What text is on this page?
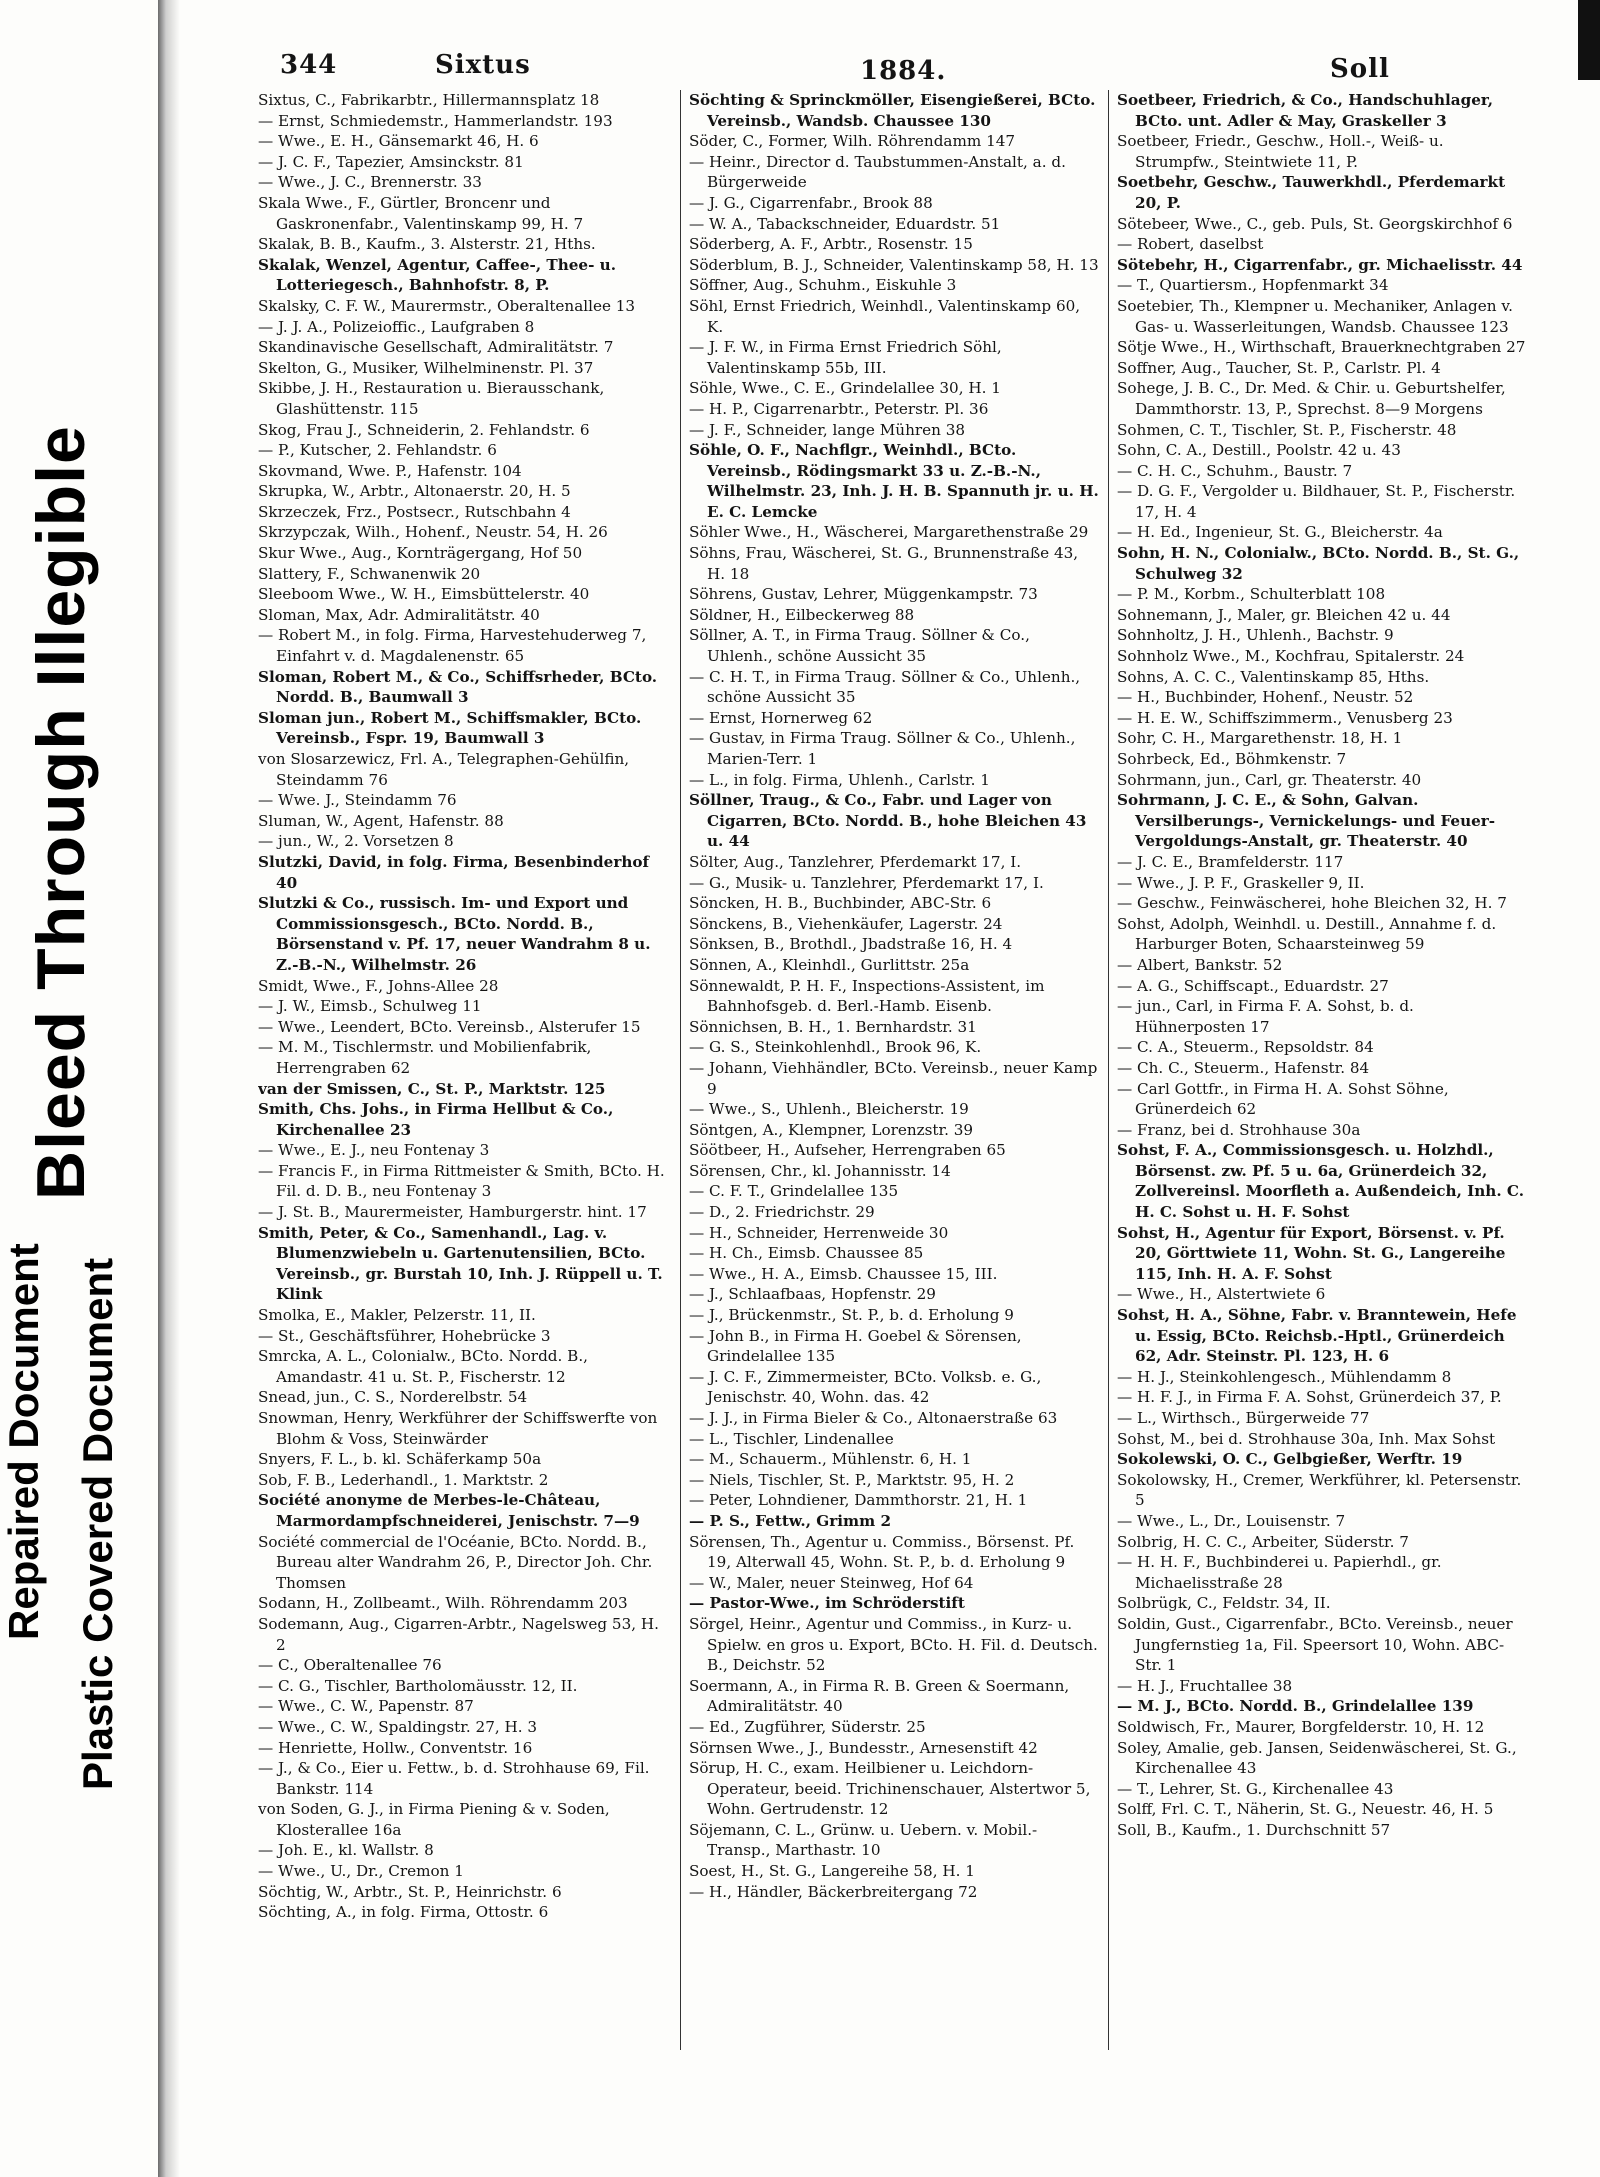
Bleed Through Illegible
Plastic Covered Document
Repaired Document
344	Sixtus	1884.	Soll

Sixtus, C., Fabrikarbtr., Hillermannsplatz 18

— Ernst, Schmiedemstr., Hammerlandstr. 193

— Wwe., E. H., Gänsemarkt 46, H. 6

— J. C. F., Tapezier, Amsinckstr. 81

— Wwe., J. C., Brennerstr. 33

Skala Wwe., F., Gürtler, Broncenr und Gaskronenfabr., Valentinskamp 99, H. 7

Skalak, B. B., Kaufm., 3. Alsterstr. 21, Hths.

Skalak, Wenzel, Agentur, Caffee-, Thee- u. Lotteriegesch., Bahnhofstr. 8, P.

Skalsky, C. F. W., Maurermstr., Oberaltenallee 13

— J. J. A., Polizeioffic., Laufgraben 8

Skandinavische Gesellschaft, Admiralitätstr. 7

Skelton, G., Musiker, Wilhelminenstr. Pl. 37

Skibbe, J. H., Restauration u. Bierausschank, Glashüttenstr. 115

Skog, Frau J., Schneiderin, 2. Fehlandstr. 6

— P., Kutscher, 2. Fehlandstr. 6

Skovmand, Wwe. P., Hafenstr. 104

Skrupka, W., Arbtr., Altonaerstr. 20, H. 5

Skrzeczek, Frz., Postsecr., Rutschbahn 4

Skrzypczak, Wilh., Hohenf., Neustr. 54, H. 26

Skur Wwe., Aug., Kornträgergang, Hof 50

Slattery, F., Schwanenwik 20

Sleeboom Wwe., W. H., Eimsbüttelerstr. 40

Sloman, Max, Adr. Admiralitätstr. 40

— Robert M., in folg. Firma, Harvestehuderweg 7, Einfahrt v. d. Magdalenenstr. 65

Sloman, Robert M., & Co., Schiffsrheder, BCto. Nordd. B., Baumwall 3

Sloman jun., Robert M., Schiffsmakler, BCto. Vereinsb., Fspr. 19, Baumwall 3

von Slosarzewicz, Frl. A., Telegraphen-Gehülfin, Steindamm 76

— Wwe. J., Steindamm 76

Sluman, W., Agent, Hafenstr. 88

— jun., W., 2. Vorsetzen 8

Slutzki, David, in folg. Firma, Besenbinderhof 40

Slutzki & Co., russisch. Im- und Export und Commissionsgesch., BCto. Nordd. B., Börsenstand v. Pf. 17, neuer Wandrahm 8 u. Z.-B.-N., Wilhelmstr. 26

Smidt, Wwe., F., Johns-Allee 28

— J. W., Eimsb., Schulweg 11

— Wwe., Leendert, BCto. Vereinsb., Alsterufer 15

— M. M., Tischlermstr. und Mobilienfabrik, Herrengraben 62

van der Smissen, C., St. P., Marktstr. 125

Smith, Chs. Johs., in Firma Hellbut & Co., Kirchenallee 23

— Wwe., E. J., neu Fontenay 3

— Francis F., in Firma Rittmeister & Smith, BCto. H. Fil. d. D. B., neu Fontenay 3

— J. St. B., Maurermeister, Hamburgerstr. hint. 17

Smith, Peter, & Co., Samenhandl., Lag. v. Blumenzwiebeln u. Gartenutensilien, BCto. Vereinsb., gr. Burstah 10, Inh. J. Rüppell u. T. Klink

Smolka, E., Makler, Pelzerstr. 11, II.

— St., Geschäftsführer, Hohebrücke 3

Smrcka, A. L., Colonialw., BCto. Nordd. B., Amandastr. 41 u. St. P., Fischerstr. 12

Snead, jun., C. S., Norderelbstr. 54

Snowman, Henry, Werkführer der Schiffswerfte von Blohm & Voss, Steinwärder

Snyers, F. L., b. kl. Schäferkamp 50a

Sob, F. B., Lederhandl., 1. Marktstr. 2

Société anonyme de Merbes-le-Château, Marmordampfschneiderei, Jenischstr. 7—9

Société commercial de l'Océanie, BCto. Nordd. B., Bureau alter Wandrahm 26, P., Director Joh. Chr. Thomsen

Sodann, H., Zollbeamt., Wilh. Röhrendamm 203

Sodemann, Aug., Cigarren-Arbtr., Nagelsweg 53, H. 2

— C., Oberaltenallee 76

— C. G., Tischler, Bartholomäusstr. 12, II.

— Wwe., C. W., Papenstr. 87

— Wwe., C. W., Spaldingstr. 27, H. 3

— Henriette, Hollw., Conventstr. 16

— J., & Co., Eier u. Fettw., b. d. Strohhause 69, Fil. Bankstr. 114

von Soden, G. J., in Firma Piening & v. Soden, Klosterallee 16a

— Joh. E., kl. Wallstr. 8

— Wwe., U., Dr., Cremon 1

Söchtig, W., Arbtr., St. P., Heinrichstr. 6

Söchting, A., in folg. Firma, Ottostr. 6

Söchting & Sprinckmöller, Eisengießerei, BCto. Vereinsb., Wandsb. Chaussee 130

Söder, C., Former, Wilh. Röhrendamm 147

— Heinr., Director d. Taubstummen-Anstalt, a. d. Bürgerweide

— J. G., Cigarrenfabr., Brook 88

— W. A., Tabackschneider, Eduardstr. 51

Söderberg, A. F., Arbtr., Rosenstr. 15

Söderblum, B. J., Schneider, Valentinskamp 58, H. 13

Söffner, Aug., Schuhm., Eiskuhle 3

Söhl, Ernst Friedrich, Weinhdl., Valentinskamp 60, K.

— J. F. W., in Firma Ernst Friedrich Söhl, Valentinskamp 55b, III.

Söhle, Wwe., C. E., Grindelallee 30, H. 1

— H. P., Cigarrenarbtr., Peterstr. Pl. 36

— J. F., Schneider, lange Mühren 38

Söhle, O. F., Nachflgr., Weinhdl., BCto. Vereinsb., Rödingsmarkt 33 u. Z.-B.-N., Wilhelmstr. 23, Inh. J. H. B. Spannuth jr. u. H. E. C. Lemcke

Söhler Wwe., H., Wäscherei, Margarethenstraße 29

Söhns, Frau, Wäscherei, St. G., Brunnenstraße 43, H. 18

Söhrens, Gustav, Lehrer, Müggenkampstr. 73

Söldner, H., Eilbeckerweg 88

Söllner, A. T., in Firma Traug. Söllner & Co., Uhlenh., schöne Aussicht 35

— C. H. T., in Firma Traug. Söllner & Co., Uhlenh., schöne Aussicht 35

— Ernst, Hornerweg 62

— Gustav, in Firma Traug. Söllner & Co., Uhlenh., Marien-Terr. 1

— L., in folg. Firma, Uhlenh., Carlstr. 1

Söllner, Traug., & Co., Fabr. und Lager von Cigarren, BCto. Nordd. B., hohe Bleichen 43 u. 44

Sölter, Aug., Tanzlehrer, Pferdemarkt 17, I.

— G., Musik- u. Tanzlehrer, Pferdemarkt 17, I.

Söncken, H. B., Buchbinder, ABC-Str. 6

Sönckens, B., Viehenkäufer, Lagerstr. 24

Sönksen, B., Brothdl., Jbadstraße 16, H. 4

Sönnen, A., Kleinhdl., Gurlittstr. 25a

Sönnewaldt, P. H. F., Inspections-Assistent, im Bahnhofsgeb. d. Berl.-Hamb. Eisenb.

Sönnichsen, B. H., 1. Bernhardstr. 31

— G. S., Steinkohlenhdl., Brook 96, K.

— Johann, Viehhändler, BCto. Vereinsb., neuer Kamp 9

— Wwe., S., Uhlenh., Bleicherstr. 19

Söntgen, A., Klempner, Lorenzstr. 39

Söötbeer, H., Aufseher, Herrengraben 65

Sörensen, Chr., kl. Johannisstr. 14

— C. F. T., Grindelallee 135

— D., 2. Friedrichstr. 29

— H., Schneider, Herrenweide 30

— H. Ch., Eimsb. Chaussee 85

— Wwe., H. A., Eimsb. Chaussee 15, III.

— J., Schlaafbaas, Hopfenstr. 29

— J., Brückenmstr., St. P., b. d. Erholung 9

— John B., in Firma H. Goebel & Sörensen, Grindelallee 135

— J. C. F., Zimmermeister, BCto. Volksb. e. G., Jenischstr. 40, Wohn. das. 42

— J. J., in Firma Bieler & Co., Altonaerstraße 63

— L., Tischler, Lindenallee

— M., Schauerm., Mühlenstr. 6, H. 1

— Niels, Tischler, St. P., Marktstr. 95, H. 2

— Peter, Lohndiener, Dammthorstr. 21, H. 1

— P. S., Fettw., Grimm 2

Sörensen, Th., Agentur u. Commiss., Börsenst. Pf. 19, Alterwall 45, Wohn. St. P., b. d. Erholung 9

— W., Maler, neuer Steinweg, Hof 64

— Pastor-Wwe., im Schröderstift

Sörgel, Heinr., Agentur und Commiss., in Kurz- u. Spielw. en gros u. Export, BCto. H. Fil. d. Deutsch. B., Deichstr. 52

Soermann, A., in Firma R. B. Green & Soermann, Admiralitätstr. 40

— Ed., Zugführer, Süderstr. 25

Sörnsen Wwe., J., Bundesstr., Arnesenstift 42

Sörup, H. C., exam. Heilbiener u. Leichdorn-Operateur, beeid. Trichinenschauer, Alstertwor 5, Wohn. Gertrudenstr. 12

Söjemann, C. L., Grünw. u. Uebern. v. Mobil.-Transp., Marthastr. 10

Soest, H., St. G., Langereihe 58, H. 1

— H., Händler, Bäckerbreitergang 72

Soetbeer, Friedrich, & Co., Handschuhlager, BCto. unt. Adler & May, Graskeller 3

Soetbeer, Friedr., Geschw., Holl.-, Weiß- u. Strumpfw., Steintwiete 11, P.

Soetbehr, Geschw., Tauwerkhdl., Pferdemarkt 20, P.

Sötebeer, Wwe., C., geb. Puls, St. Georgskirchhof 6

— Robert, daselbst

Sötebehr, H., Cigarrenfabr., gr. Michaelisstr. 44

— T., Quartiersm., Hopfenmarkt 34

Soetebier, Th., Klempner u. Mechaniker, Anlagen v. Gas- u. Wasserleitungen, Wandsb. Chaussee 123

Sötje Wwe., H., Wirthschaft, Brauerknechtgraben 27

Soffner, Aug., Taucher, St. P., Carlstr. Pl. 4

Sohege, J. B. C., Dr. Med. & Chir. u. Geburtshelfer, Dammthorstr. 13, P., Sprechst. 8—9 Morgens

Sohmen, C. T., Tischler, St. P., Fischerstr. 48

Sohn, C. A., Destill., Poolstr. 42 u. 43

— C. H. C., Schuhm., Baustr. 7

— D. G. F., Vergolder u. Bildhauer, St. P., Fischerstr. 17, H. 4

— H. Ed., Ingenieur, St. G., Bleicherstr. 4a

Sohn, H. N., Colonialw., BCto. Nordd. B., St. G., Schulweg 32

— P. M., Korbm., Schulterblatt 108

Sohnemann, J., Maler, gr. Bleichen 42 u. 44

Sohnholtz, J. H., Uhlenh., Bachstr. 9

Sohnholz Wwe., M., Kochfrau, Spitalerstr. 24

Sohns, A. C. C., Valentinskamp 85, Hths.

— H., Buchbinder, Hohenf., Neustr. 52

— H. E. W., Schiffszimmerm., Venusberg 23

Sohr, C. H., Margarethenstr. 18, H. 1

Sohrbeck, Ed., Böhmkenstr. 7

Sohrmann, jun., Carl, gr. Theaterstr. 40

Sohrmann, J. C. E., & Sohn, Galvan. Versilberungs-, Vernickelungs- und Feuer-Vergoldungs-Anstalt, gr. Theaterstr. 40

— J. C. E., Bramfelderstr. 117

— Wwe., J. P. F., Graskeller 9, II.

— Geschw., Feinwäscherei, hohe Bleichen 32, H. 7

Sohst, Adolph, Weinhdl. u. Destill., Annahme f. d. Harburger Boten, Schaarsteinweg 59

— Albert, Bankstr. 52

— A. G., Schiffscapt., Eduardstr. 27

— jun., Carl, in Firma F. A. Sohst, b. d. Hühnerposten 17

— C. A., Steuerm., Repsoldstr. 84

— Ch. C., Steuerm., Hafenstr. 84

— Carl Gottfr., in Firma H. A. Sohst Söhne, Grünerdeich 62

— Franz, bei d. Strohhause 30a

Sohst, F. A., Commissionsgesch. u. Holzhdl., Börsenst. zw. Pf. 5 u. 6a, Grünerdeich 32, Zollvereinsl. Moorfleth a. Außendeich, Inh. C. H. C. Sohst u. H. F. Sohst

Sohst, H., Agentur für Export, Börsenst. v. Pf. 20, Görttwiete 11, Wohn. St. G., Langereihe 115, Inh. H. A. F. Sohst

— Wwe., H., Alstertwiete 6

Sohst, H. A., Söhne, Fabr. v. Branntewein, Hefe u. Essig, BCto. Reichsb.-Hptl., Grünerdeich 62, Adr. Steinstr. Pl. 123, H. 6

— H. J., Steinkohlengesch., Mühlendamm 8

— H. F. J., in Firma F. A. Sohst, Grünerdeich 37, P.

— L., Wirthsch., Bürgerweide 77

Sohst, M., bei d. Strohhause 30a, Inh. Max Sohst

Sokolewski, O. C., Gelbgießer, Werftr. 19

Sokolowsky, H., Cremer, Werkführer, kl. Petersenstr. 5

— Wwe., L., Dr., Louisenstr. 7

Solbrig, H. C. C., Arbeiter, Süderstr. 7

— H. H. F., Buchbinderei u. Papierhdl., gr. Michaelisstraße 28

Solbrügk, C., Feldstr. 34, II.

Soldin, Gust., Cigarrenfabr., BCto. Vereinsb., neuer Jungfernstieg 1a, Fil. Speersort 10, Wohn. ABC-Str. 1

— H. J., Fruchtallee 38

— M. J., BCto. Nordd. B., Grindelallee 139

Soldwisch, Fr., Maurer, Borgfelderstr. 10, H. 12

Soley, Amalie, geb. Jansen, Seidenwäscherei, St. G., Kirchenallee 43

— T., Lehrer, St. G., Kirchenallee 43

Solff, Frl. C. T., Näherin, St. G., Neuestr. 46, H. 5

Soll, B., Kaufm., 1. Durchschnitt 57
